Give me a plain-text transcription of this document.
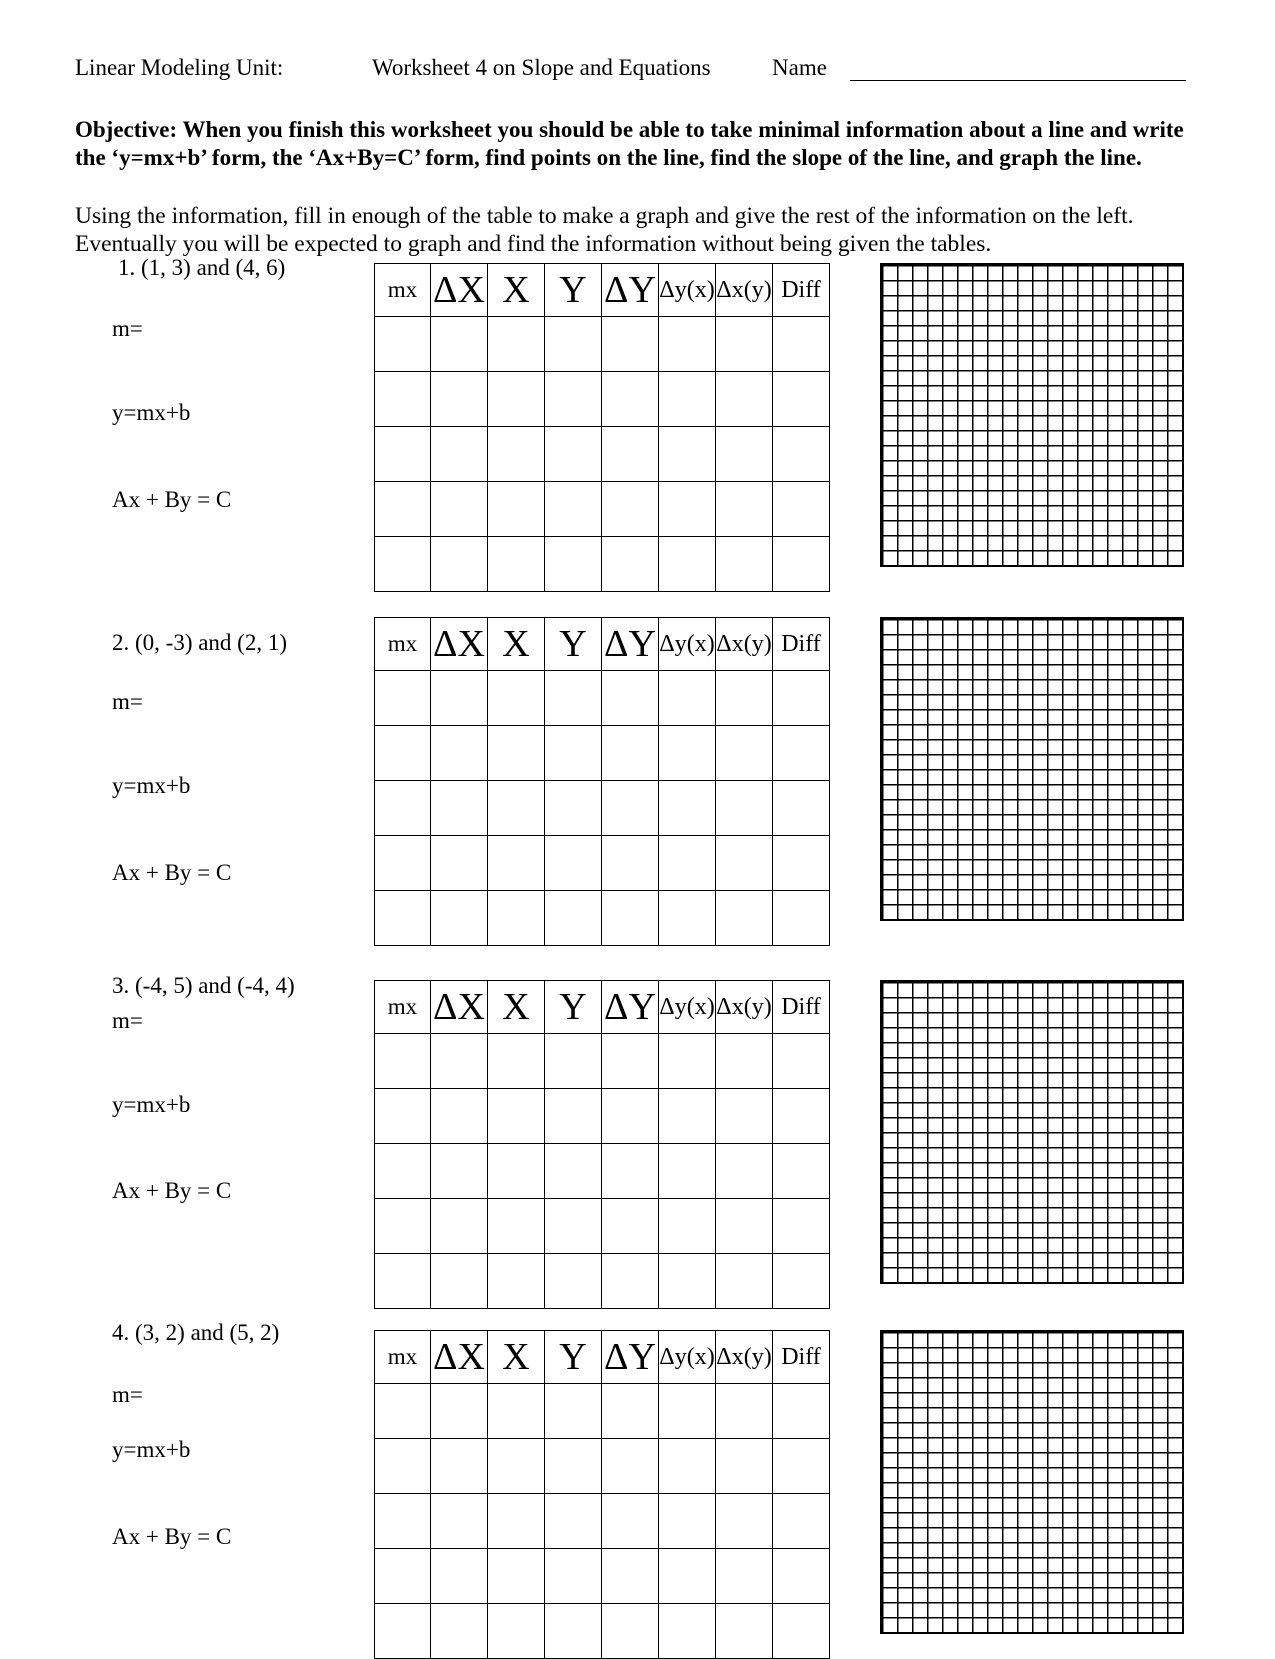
Linear Modeling Unit:	Worksheet 4 on Slope and Equations	Name
Objective: When you finish this worksheet you should be able to take minimal information about a line and write the ‘y=mx+b’ form, the ‘Ax+By=C’ form, find points on the line, find the slope of the line, and graph the line.
Using the information, fill in enough of the table to make a graph and give the rest of the information on the left. Eventually you will be expected to graph and find the information without being given the tables.
1. (1, 3) and (4, 6)
m=
y=mx+b
Ax + By = C
mx	ΔX	X	Y	ΔY	Δy(x)	Δx(y)	Diff

2. (0, -3) and (2, 1)
m=
y=mx+b
Ax + By = C
mx	ΔX	X	Y	ΔY	Δy(x)	Δx(y)	Diff

3. (-4, 5) and (-4, 4)
m=
y=mx+b
Ax + By = C
mx	ΔX	X	Y	ΔY	Δy(x)	Δx(y)	Diff

4. (3, 2) and (5, 2)
m=
y=mx+b
Ax + By = C
mx	ΔX	X	Y	ΔY	Δy(x)	Δx(y)	Diff
